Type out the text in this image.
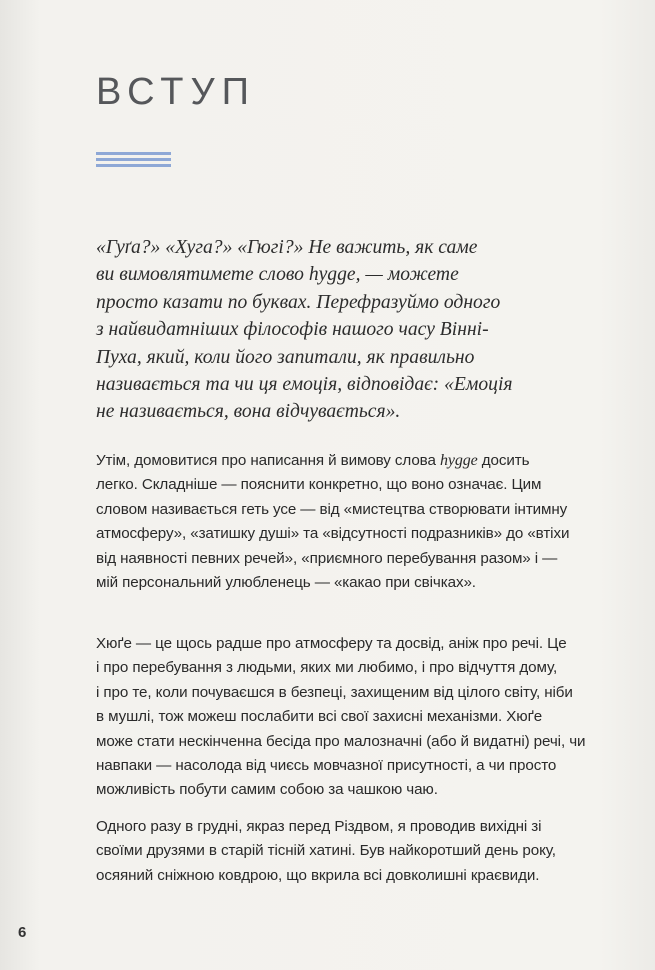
ВСТУП

«Гуґа?» «Хуга?» «Гюгі?» Не важить, як саме
ви вимовлятимете слово hygge, — можете
просто казати по буквах. Перефразуймо одного
з найвидатніших філософів нашого часу Вінні-
Пуха, який, коли його запитали, як правильно
називається та чи ця емоція, відповідає: «Емоція
не називається, вона відчувається».

Утім, домовитися про написання й вимову слова hygge досить
легко. Складніше — пояснити конкретно, що воно означає. Цим
словом називається геть усе — від «мистецтва створювати інтимну
атмосферу», «затишку душі» та «відсутності подразників» до «втіхи
від наявності певних речей», «приємного перебування разом» і —
мій персональний улюбленець — «какао при свічках».

Хюґе — це щось радше про атмосферу та досвід, аніж про речі. Це
і про перебування з людьми, яких ми любимо, і про відчуття дому,
і про те, коли почуваєшся в безпеці, захищеним від цілого світу, ніби
в мушлі, тож можеш послабити всі свої захисні механізми. Хюґе
може стати нескінченна бесіда про малозначні (або й видатні) речі, чи
навпаки — насолода від чиєсь мовчазної присутності, а чи просто
можливість побути самим собою за чашкою чаю.

Одного разу в грудні, якраз перед Різдвом, я проводив вихідні зі
своїми друзями в старій тісній хатині. Був найкоротший день року,
осяяний сніжною ковдрою, що вкрила всі довколишні краєвиди.

6
